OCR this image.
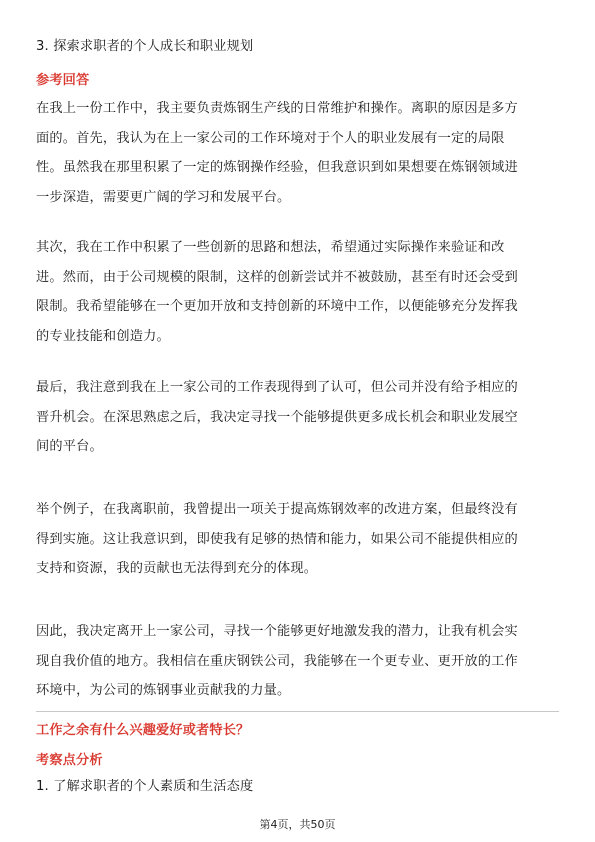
3. 探索求职者的个人成长和职业规划
参考回答
在我上一份工作中，我主要负责炼钢生产线的日常维护和操作。离职的原因是多方
面的。首先，我认为在上一家公司的工作环境对于个人的职业发展有一定的局限
性。虽然我在那里积累了一定的炼钢操作经验，但我意识到如果想要在炼钢领域进
一步深造，需要更广阔的学习和发展平台。
其次，我在工作中积累了一些创新的思路和想法，希望通过实际操作来验证和改
进。然而，由于公司规模的限制，这样的创新尝试并不被鼓励，甚至有时还会受到
限制。我希望能够在一个更加开放和支持创新的环境中工作，以便能够充分发挥我
的专业技能和创造力。
最后，我注意到我在上一家公司的工作表现得到了认可，但公司并没有给予相应的
晋升机会。在深思熟虑之后，我决定寻找一个能够提供更多成长机会和职业发展空
间的平台。
举个例子，在我离职前，我曾提出一项关于提高炼钢效率的改进方案，但最终没有
得到实施。这让我意识到，即使我有足够的热情和能力，如果公司不能提供相应的
支持和资源，我的贡献也无法得到充分的体现。
因此，我决定离开上一家公司，寻找一个能够更好地激发我的潜力，让我有机会实
现自我价值的地方。我相信在重庆钢铁公司，我能够在一个更专业、更开放的工作
环境中，为公司的炼钢事业贡献我的力量。
工作之余有什么兴趣爱好或者特长？
考察点分析
1. 了解求职者的个人素质和生活态度
第4页，共50页
